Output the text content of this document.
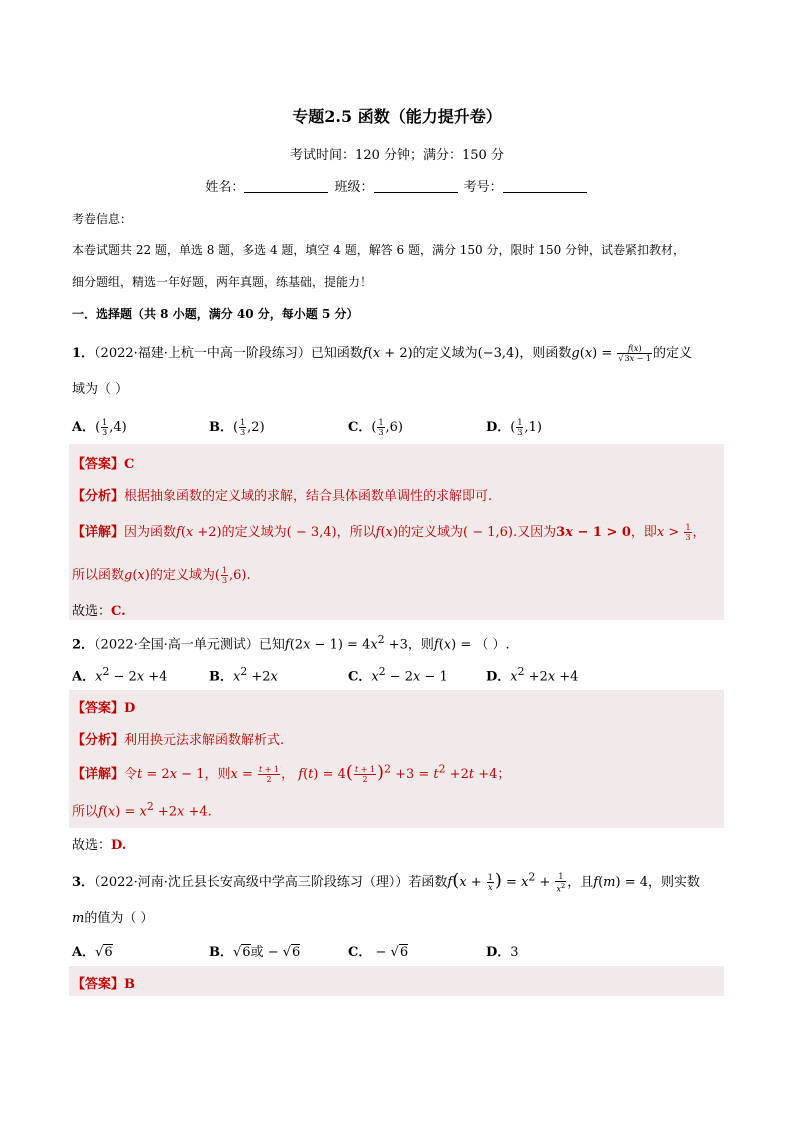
专题2.5 函数（能力提升卷）
考试时间：120 分钟；满分：150 分
姓名：	班级：	考号：
考卷信息：
本卷试题共 22 题，单选 8 题，多选 4 题，填空 4 题，解答 6 题，满分 150 分，限时 150 分钟，试卷紧扣教材，
细分题组，精选一年好题，两年真题，练基础，提能力！
一．选择题（共 8 小题，满分 40 分，每小题 5 分）
1．（2022·福建·上杭一中高一阶段练习）已知函数f(x + 2)的定义域为(−3,4)，则函数$g(x) = \frac{f(x)}{√3x - 1}$ 的定义
域为（ ）
A．( $\frac{1}{3} ,4$)	B．( $\frac{1}{3} ,2$)	C．( $\frac{1}{3} ,6$)	D．( $\frac{1}{3} ,1$)
【答案】C
【分析】根据抽象函数的定义域的求解，结合具体函数单调性的求解即可.
【详解】因为函数f(x +2)的定义域为( − 3,4)，所以f(x)的定义域为( − 1,6).又因为3x − 1 > 0，即$x > \frac{1}{3}$ ，
所以函数g(x)的定义域为( $\frac{1}{3} ,6$).
故选：C.
2．（2022·全国·高一单元测试）已知$f(2x - 1) = 4x^2 +3$，则f(x) = （ ）.
A．$x^2 - 2x +4$	B．$x^2 +2x$	C．$x^2 - 2x - 1$	D．$x^2 +2x +4$
【答案】D
【分析】利用换元法求解函数解析式.
【详解】令t = 2x − 1，则$x = \frac{t + 1}{2}$ ， $f(t) = 4( \frac{t + 1}{2} )^2 +3 = t^2 +2t +4$；
所以$f(x) = x^2 +2x +4$.
故选：D.
3．（2022·河南·沈丘县长安高级中学高三阶段练习（理））若函数$f(x + \frac{1}{x}$ ) = $x^2 + \frac{1}{x^2}$ ，且f(m) = 4，则实数
m的值为（ ）
A．√6	B．√6或 − √6	C． − √6	D．3
【答案】B
